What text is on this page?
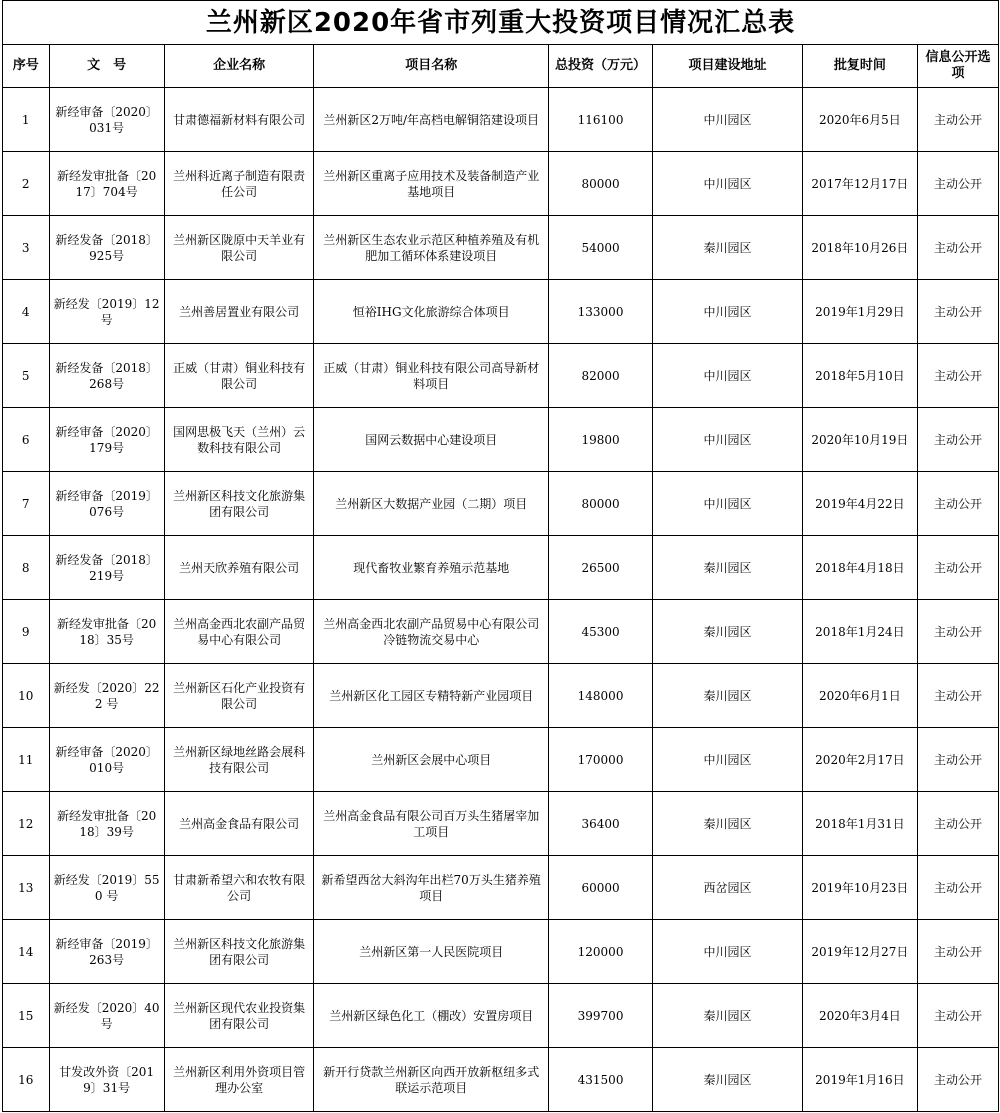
兰州新区2020年省市列重大投资项目情况汇总表
序号	文　号	企业名称	项目名称	总投资（万元）	项目建设地址	批复时间	信息公开选项
1	新经审备〔2020〕031号	甘肃德福新材料有限公司	兰州新区2万吨/年高档电解铜箔建设项目	116100	中川园区	2020年6月5日	主动公开
2	新经发审批备〔2017〕704号	兰州科近离子制造有限责任公司	兰州新区重离子应用技术及装备制造产业基地项目	80000	中川园区	2017年12月17日	主动公开
3	新经发备〔2018〕925号	兰州新区陇原中天羊业有限公司	兰州新区生态农业示范区种植养殖及有机肥加工循环体系建设项目	54000	秦川园区	2018年10月26日	主动公开
4	新经发〔2019〕12号	兰州善居置业有限公司	恒裕IHG文化旅游综合体项目	133000	中川园区	2019年1月29日	主动公开
5	新经发备〔2018〕268号	正威（甘肃）铜业科技有限公司	正威（甘肃）铜业科技有限公司高导新材料项目	82000	中川园区	2018年5月10日	主动公开
6	新经审备〔2020〕179号	国网思极飞天（兰州）云数科技有限公司	国网云数据中心建设项目	19800	中川园区	2020年10月19日	主动公开
7	新经审备〔2019〕076号	兰州新区科技文化旅游集团有限公司	兰州新区大数据产业园（二期）项目	80000	中川园区	2019年4月22日	主动公开
8	新经发备〔2018〕219号	兰州天欣养殖有限公司	现代畜牧业繁育养殖示范基地	26500	秦川园区	2018年4月18日	主动公开
9	新经发审批备〔2018〕35号	兰州高金西北农副产品贸易中心有限公司	兰州高金西北农副产品贸易中心有限公司冷链物流交易中心	45300	秦川园区	2018年1月24日	主动公开
10	新经发〔2020〕222 号	兰州新区石化产业投资有限公司	兰州新区化工园区专精特新产业园项目	148000	秦川园区	2020年6月1日	主动公开
11	新经审备〔2020〕010号	兰州新区绿地丝路会展科技有限公司	兰州新区会展中心项目	170000	中川园区	2020年2月17日	主动公开
12	新经发审批备〔2018〕39号	兰州高金食品有限公司	兰州高金食品有限公司百万头生猪屠宰加工项目	36400	秦川园区	2018年1月31日	主动公开
13	新经发〔2019〕550 号	甘肃新希望六和农牧有限公司	新希望西岔大斜沟年出栏70万头生猪养殖项目	60000	西岔园区	2019年10月23日	主动公开
14	新经审备〔2019〕263号	兰州新区科技文化旅游集团有限公司	兰州新区第一人民医院项目	120000	中川园区	2019年12月27日	主动公开
15	新经发〔2020〕40号	兰州新区现代农业投资集团有限公司	兰州新区绿色化工（棚改）安置房项目	399700	秦川园区	2020年3月4日	主动公开
16	甘发改外资〔2019〕31号	兰州新区利用外资项目管理办公室	新开行贷款兰州新区向西开放新枢纽多式联运示范项目	431500	秦川园区	2019年1月16日	主动公开
